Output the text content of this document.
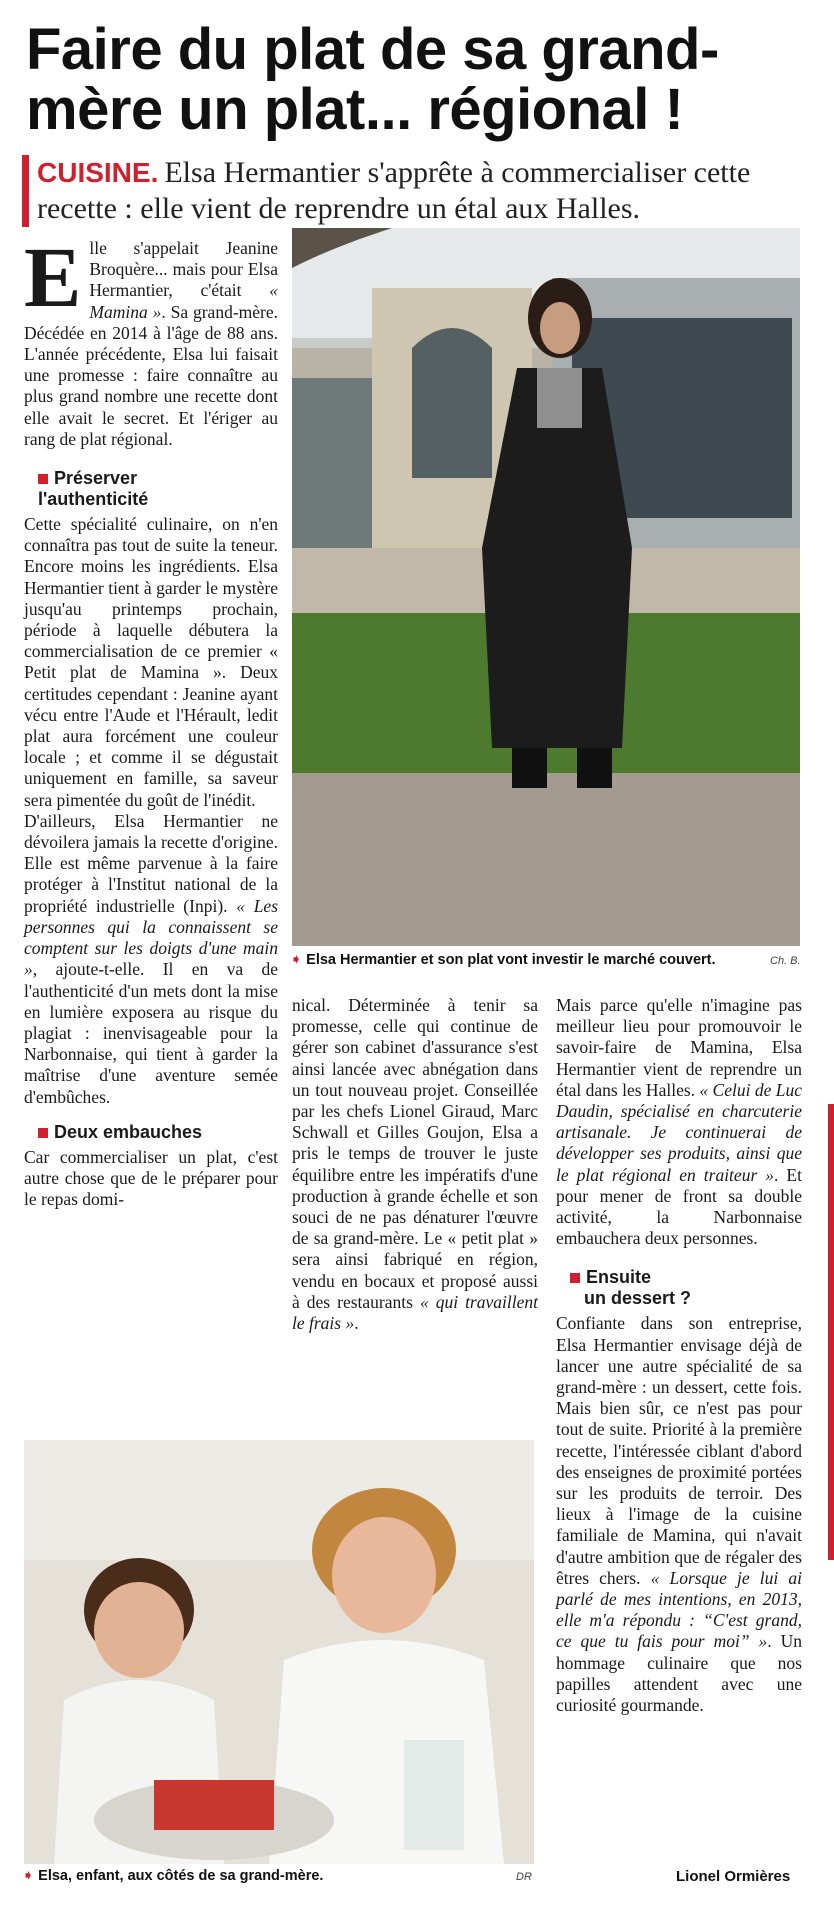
Faire du plat de sa grand-mère un plat... régional !
CUISINE. Elsa Hermantier s'apprête à commercialiser cette recette : elle vient de reprendre un étal aux Halles.

Elle s'appelait Jeanine Broquère... mais pour Elsa Hermantier, c'était « Mamina ». Sa grand-mère. Décédée en 2014 à l'âge de 88 ans. L'année précédente, Elsa lui faisait une promesse : faire connaître au plus grand nombre une recette dont elle avait le secret. Et l'ériger au rang de plat régional.

Préserver
l'authenticité

Cette spécialité culinaire, on n'en connaîtra pas tout de suite la teneur. Encore moins les ingrédients. Elsa Hermantier tient à garder le mystère jusqu'au printemps prochain, période à laquelle débutera la commercialisation de ce premier « Petit plat de Mamina ». Deux certitudes cependant : Jeanine ayant vécu entre l'Aude et l'Hérault, ledit plat aura forcément une couleur locale ; et comme il se dégustait uniquement en famille, sa saveur sera pimentée du goût de l'inédit.

D'ailleurs, Elsa Hermantier ne dévoilera jamais la recette d'origine. Elle est même parvenue à la faire protéger à l'Institut national de la propriété industrielle (Inpi). « Les personnes qui la connaissent se comptent sur les doigts d'une main », ajoute-t-elle. Il en va de l'authenticité d'un mets dont la mise en lumière exposera au risque du plagiat : inenvisageable pour la Narbonnaise, qui tient à garder la maîtrise d'une aventure semée d'embûches.

Deux embauches

Car commercialiser un plat, c'est autre chose que de le préparer pour le repas domi-

➧ Elsa Hermantier et son plat vont investir le marché couvert.	Ch. B.

nical. Déterminée à tenir sa promesse, celle qui continue de gérer son cabinet d'assurance s'est ainsi lancée avec abnégation dans un tout nouveau projet. Conseillée par les chefs Lionel Giraud, Marc Schwall et Gilles Goujon, Elsa a pris le temps de trouver le juste équilibre entre les impératifs d'une production à grande échelle et son souci de ne pas dénaturer l'œuvre de sa grand-mère. Le « petit plat » sera ainsi fabriqué en région, vendu en bocaux et proposé aussi à des restaurants « qui travaillent le frais ».

Mais parce qu'elle n'imagine pas meilleur lieu pour promouvoir le savoir-faire de Mamina, Elsa Hermantier vient de reprendre un étal dans les Halles. « Celui de Luc Daudin, spécialisé en charcuterie artisanale. Je continuerai de développer ses produits, ainsi que le plat régional en traiteur ». Et pour mener de front sa double activité, la Narbonnaise embauchera deux personnes.

Ensuite
un dessert ?

Confiante dans son entreprise, Elsa Hermantier envisage déjà de lancer une autre spécialité de sa grand-mère : un dessert, cette fois. Mais bien sûr, ce n'est pas pour tout de suite. Priorité à la première recette, l'intéressée ciblant d'abord des enseignes de proximité portées sur les produits de terroir. Des lieux à l'image de la cuisine familiale de Mamina, qui n'avait d'autre ambition que de régaler des êtres chers. « Lorsque je lui ai parlé de mes intentions, en 2013, elle m'a répondu : “C'est grand, ce que tu fais pour moi” ». Un hommage culinaire que nos papilles attendent avec une curiosité gourmande.

➧ Elsa, enfant, aux côtés de sa grand-mère.	DR	Lionel Ormières
